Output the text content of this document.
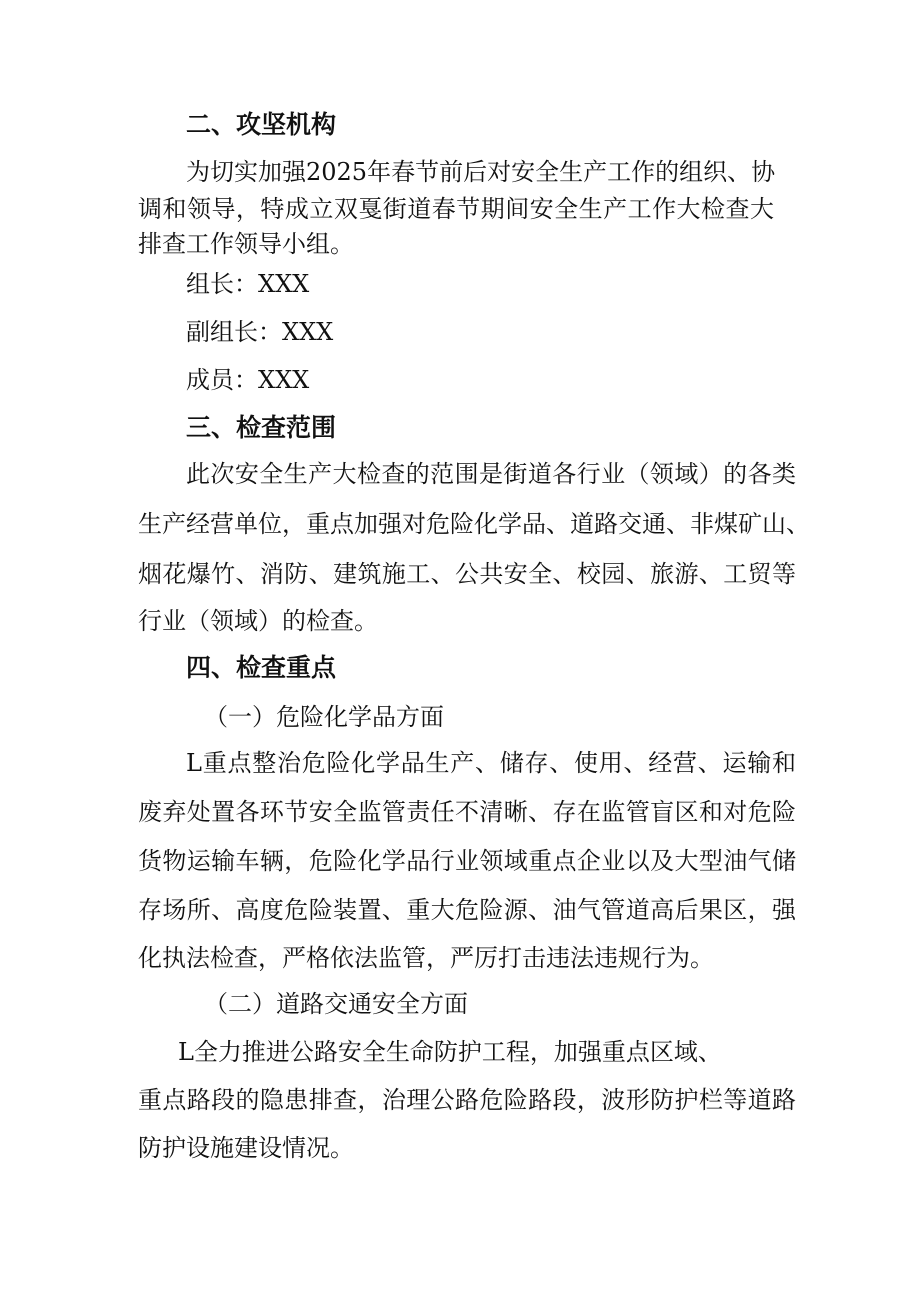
二、攻坚机构
为切实加强2025年春节前后对安全生产工作的组织、协
调和领导，特成立双戛街道春节期间安全生产工作大检查大
排查工作领导小组。
组长：XXX
副组长：XXX
成员：XXX
三、检查范围
此次安全生产大检查的范围是街道各行业（领域）的各类
生产经营单位，重点加强对危险化学品、道路交通、非煤矿山、
烟花爆竹、消防、建筑施工、公共安全、校园、旅游、工贸等
行业（领域）的检查。
四、检查重点
（一）危险化学品方面
L重点整治危险化学品生产、储存、使用、经营、运输和
废弃处置各环节安全监管责任不清晰、存在监管盲区和对危险
货物运输车辆，危险化学品行业领域重点企业以及大型油气储
存场所、高度危险装置、重大危险源、油气管道高后果区，强
化执法检查，严格依法监管，严厉打击违法违规行为。
（二）道路交通安全方面
L全力推进公路安全生命防护工程，加强重点区域、
重点路段的隐患排查，治理公路危险路段，波形防护栏等道路
防护设施建设情况。
